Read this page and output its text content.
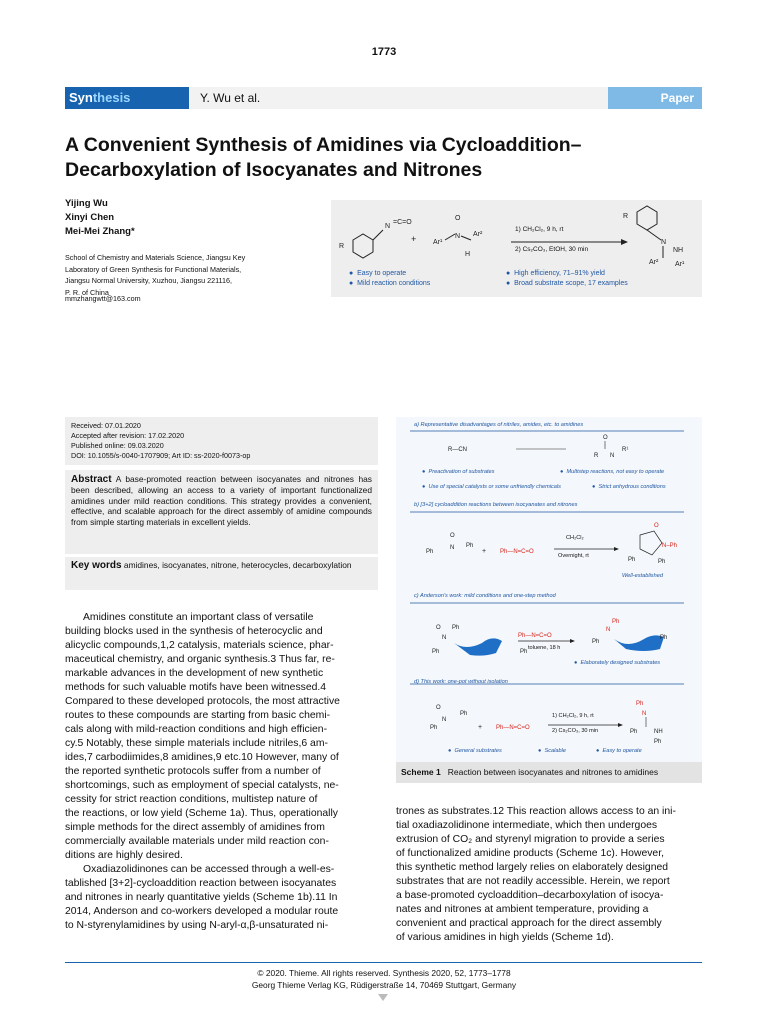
1773
Synthesis	Y. Wu et al.	Paper
A Convenient Synthesis of Amidines via Cycloaddition–
Decarboxylation of Isocyanates and Nitrones
Yijing Wu
Xinyi Chen
Mei-Mei Zhang*
School of Chemistry and Materials Science, Jiangsu Key
Laboratory of Green Synthesis for Functional Materials,
Jiangsu Normal University, Xuzhou, Jiangsu 221116,
P. R. of China
mmzhangwtt@163.com
N
=C=O
R
+ Ar¹
N
O
Ar²
H
R
N
Ar²
NH
Ar¹
1) CH₂Cl₂, 9 h, rt
2) Cs₂CO₃, EtOH, 30 min
●  Easy to operate
●  Mild reaction conditions
●  High efficiency, 71–91% yield
●  Broad substrate scope, 17 examples
Received: 07.01.2020
Accepted after revision: 17.02.2020
Published online: 09.03.2020
DOI: 10.1055/s-0040-1707909; Art ID: ss-2020-f0073-op
Abstract A base-promoted reaction between isocyanates and nitrones has been described, allowing an access to a variety of important functionalized amidines under mild reaction conditions. This strategy provides a convenient, effective, and scalable approach for the direct assembly of amidine compounds from simple starting materials in excellent yields.
Key words amidines, isocyanates, nitrone, heterocycles, decarboxylation
Amidines constitute an important class of versatile
building blocks used in the synthesis of heterocyclic and
alicyclic compounds,1,2 catalysis, materials science, phar-
maceutical chemistry, and organic synthesis.3 Thus far, re-
markable advances in the development of new synthetic
methods for such valuable motifs have been witnessed.4
Compared to these developed protocols, the most attractive
routes to these compounds are starting from basic chemi-
cals along with mild-reaction conditions and high efficien-
cy.5 Notably, these simple materials include nitriles,6 am-
ides,7 carbodiimides,8 amidines,9 etc.10 However, many of
the reported synthetic protocols suffer from a number of
shortcomings, such as employment of special catalysts, ne-
cessity for strict reaction conditions, multistep nature of
the reactions, or low yield (Scheme 1a). Thus, operationally
simple methods for the direct assembly of amidines from
commercially available materials under mild reaction con-
ditions are highly desired.
Oxadiazolidinones can be accessed through a well-es-
tablished [3+2]-cycloaddition reaction between isocyanates
and nitrones in nearly quantitative yields (Scheme 1b).11 In
2014, Anderson and co-workers developed a modular route
to N-styrenylamidines by using N-aryl-α,β-unsaturated ni-
R—CN
O
R N
R¹
Ph
O
N Ph
+ Ph—N=C=O
O
N–Ph
Ph	Ph
O
N
Ph
Ph	Ph
Ph—N=C=O
Ph
N
Ph
Ph
O
N
Ph
Ph	+ Ph—N=C=O
Ph
N
Ph	NH
Ph
a) Representative disadvantages of nitriles, amides, etc. to amidines
●  Preactivation of substrates	●  Multistep reactions, not easy to operate
●  Use of special catalysts or some unfriendly chemicals	●  Strict anhydrous conditions
b) [3+2] cycloaddition reactions between isocyanates and nitrones
CH₂Cl₂
Overnight, rt
Well-established
c) Anderson's work: mild conditions and one-step method
toluene, 18 h
●  Elaborately designed substrates
d) This work: one-pot without isolation
1) CH₂Cl₂, 9 h, rt
2) Cs₂CO₃, 30 min
●  General substrates	●  Scalable	●  Easy to operate
Scheme 1 Reaction between isocyanates and nitrones to amidines
trones as substrates.12 This reaction allows access to an ini-
tial oxadiazolidinone intermediate, which then undergoes
extrusion of CO₂ and styrenyl migration to provide a series
of functionalized amidine products (Scheme 1c). However,
this synthetic method largely relies on elaborately designed
substrates that are not readily accessible. Herein, we report
a base-promoted cycloaddition–decarboxylation of isocya-
nates and nitrones at ambient temperature, providing a
convenient and practical approach for the direct assembly
of various amidines in high yields (Scheme 1d).
© 2020. Thieme. All rights reserved. Synthesis 2020, 52, 1773–1778
Georg Thieme Verlag KG, Rüdigerstraße 14, 70469 Stuttgart, Germany
